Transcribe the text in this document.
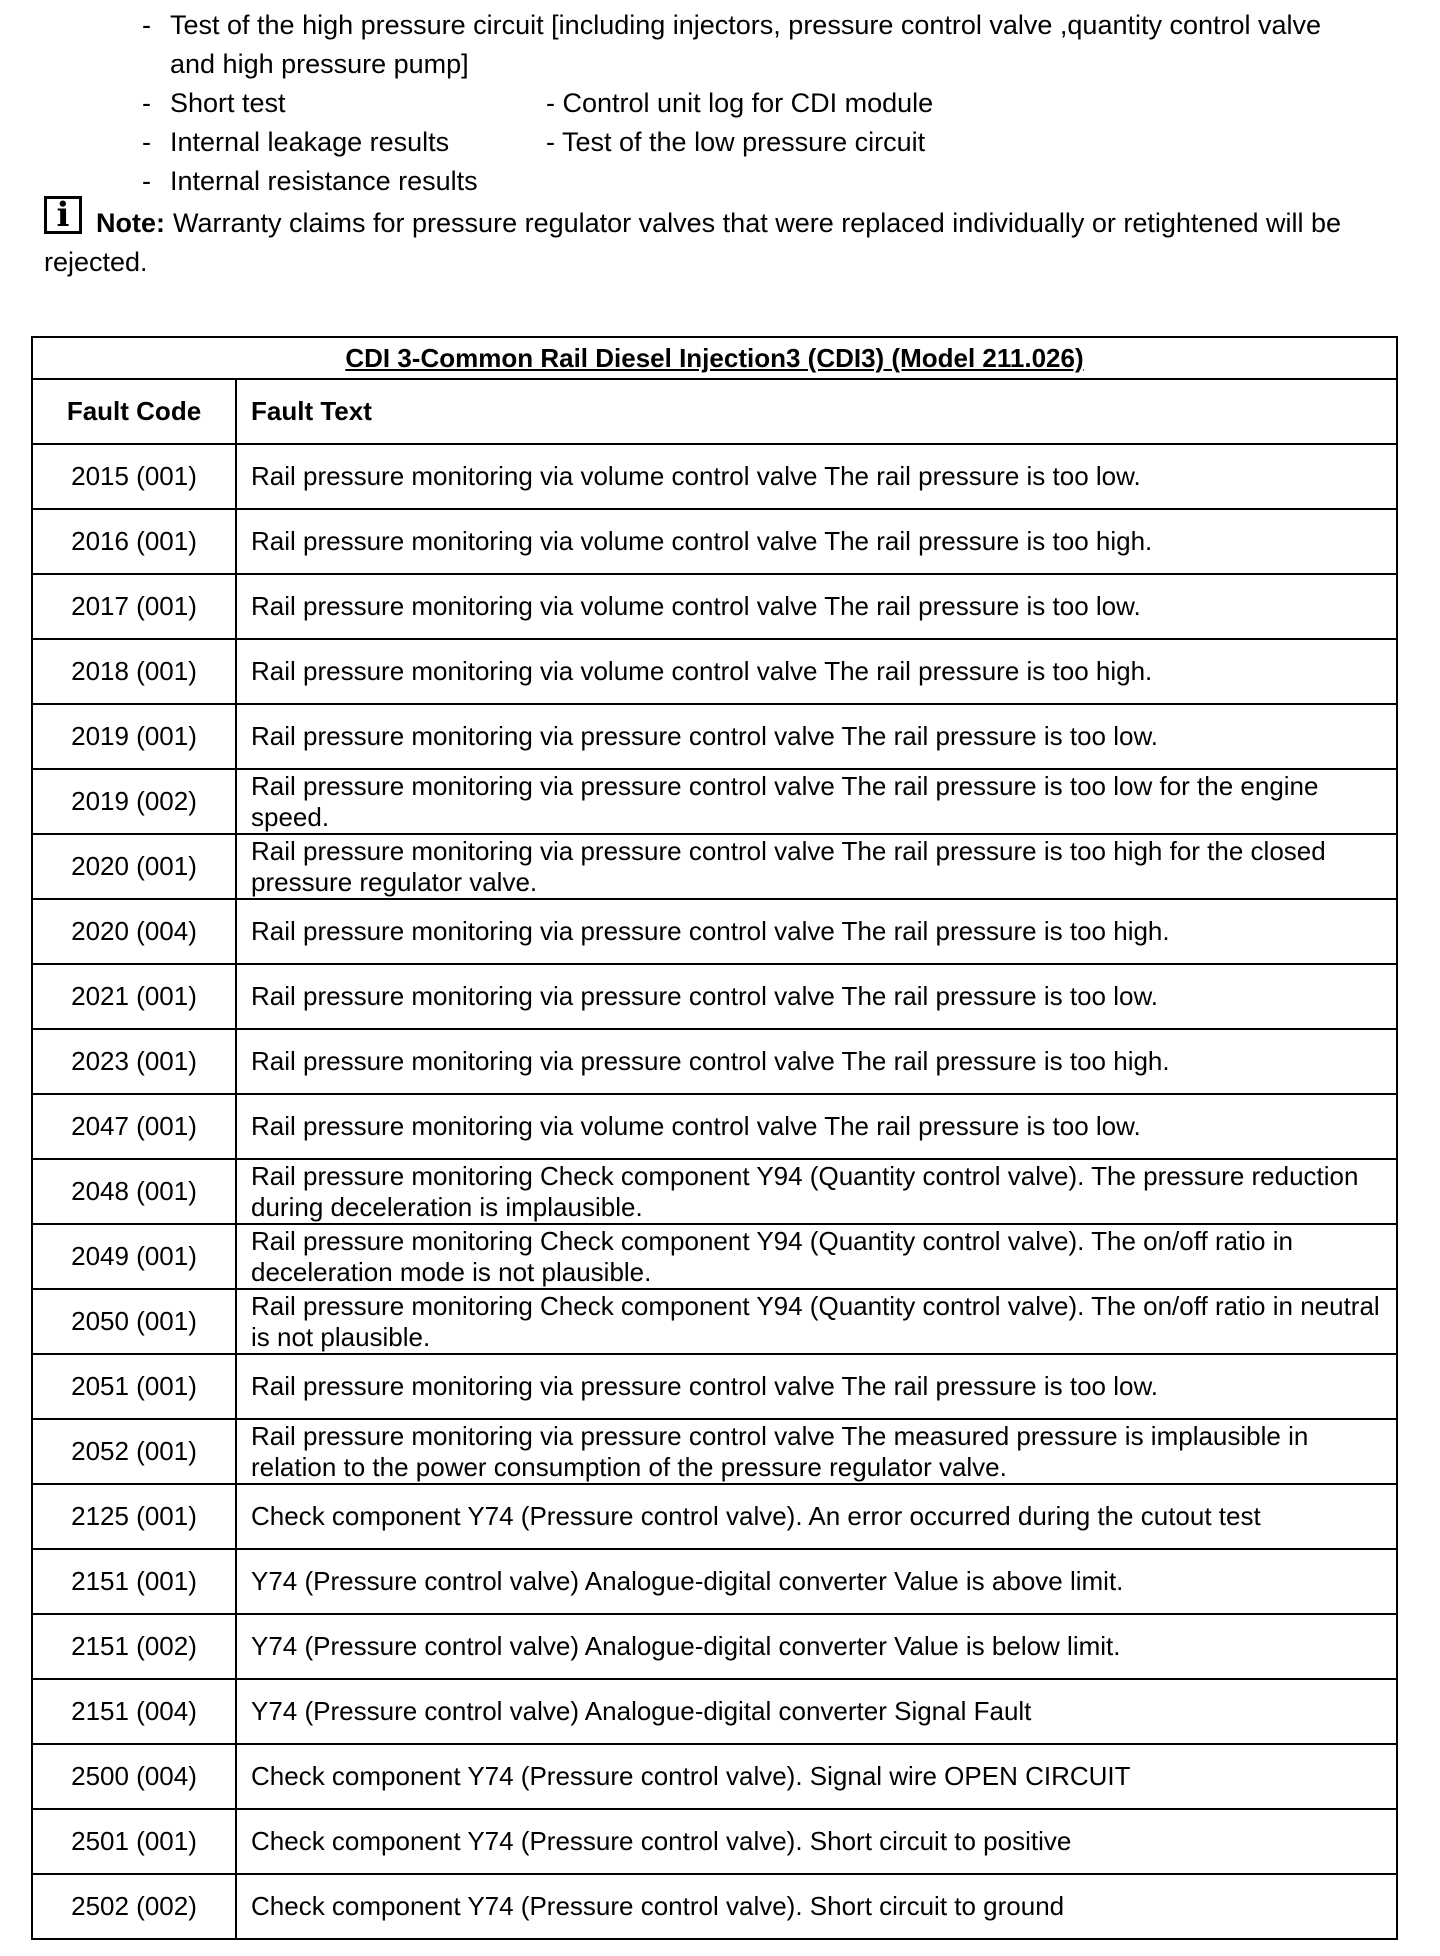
- Test of the high pressure circuit [including injectors, pressure control valve ,quantity control valve
and high pressure pump]
- Short test	- Control unit log for CDI module
- Internal leakage results	- Test of the low pressure circuit
- Internal resistance results
i Note: Warranty claims for pressure regulator valves that were replaced individually or retightened will be rejected.
CDI 3-Common Rail Diesel Injection3 (CDI3) (Model 211.026)	
Fault Code	Fault Text
2015 (001)	Rail pressure monitoring via volume control valve The rail pressure is too low.
2016 (001)	Rail pressure monitoring via volume control valve The rail pressure is too high.
2017 (001)	Rail pressure monitoring via volume control valve The rail pressure is too low.
2018 (001)	Rail pressure monitoring via volume control valve The rail pressure is too high.
2019 (001)	Rail pressure monitoring via pressure control valve The rail pressure is too low.
2019 (002)	Rail pressure monitoring via pressure control valve The rail pressure is too low for the engine speed.
2020 (001)	Rail pressure monitoring via pressure control valve The rail pressure is too high for the closed pressure regulator valve.
2020 (004)	Rail pressure monitoring via pressure control valve The rail pressure is too high.
2021 (001)	Rail pressure monitoring via pressure control valve The rail pressure is too low.
2023 (001)	Rail pressure monitoring via pressure control valve The rail pressure is too high.
2047 (001)	Rail pressure monitoring via volume control valve The rail pressure is too low.
2048 (001)	Rail pressure monitoring Check component Y94 (Quantity control valve). The pressure reduction during deceleration is implausible.
2049 (001)	Rail pressure monitoring Check component Y94 (Quantity control valve). The on/off ratio in deceleration mode is not plausible.
2050 (001)	Rail pressure monitoring Check component Y94 (Quantity control valve). The on/off ratio in neutral is not plausible.
2051 (001)	Rail pressure monitoring via pressure control valve The rail pressure is too low.
2052 (001)	Rail pressure monitoring via pressure control valve The measured pressure is implausible in relation to the power consumption of the pressure regulator valve.
2125 (001)	Check component Y74 (Pressure control valve). An error occurred during the cutout test
2151 (001)	Y74 (Pressure control valve) Analogue-digital converter Value is above limit.
2151 (002)	Y74 (Pressure control valve) Analogue-digital converter Value is below limit.
2151 (004)	Y74 (Pressure control valve) Analogue-digital converter Signal Fault
2500 (004)	Check component Y74 (Pressure control valve). Signal wire OPEN CIRCUIT
2501 (001)	Check component Y74 (Pressure control valve). Short circuit to positive
2502 (002)	Check component Y74 (Pressure control valve). Short circuit to ground
